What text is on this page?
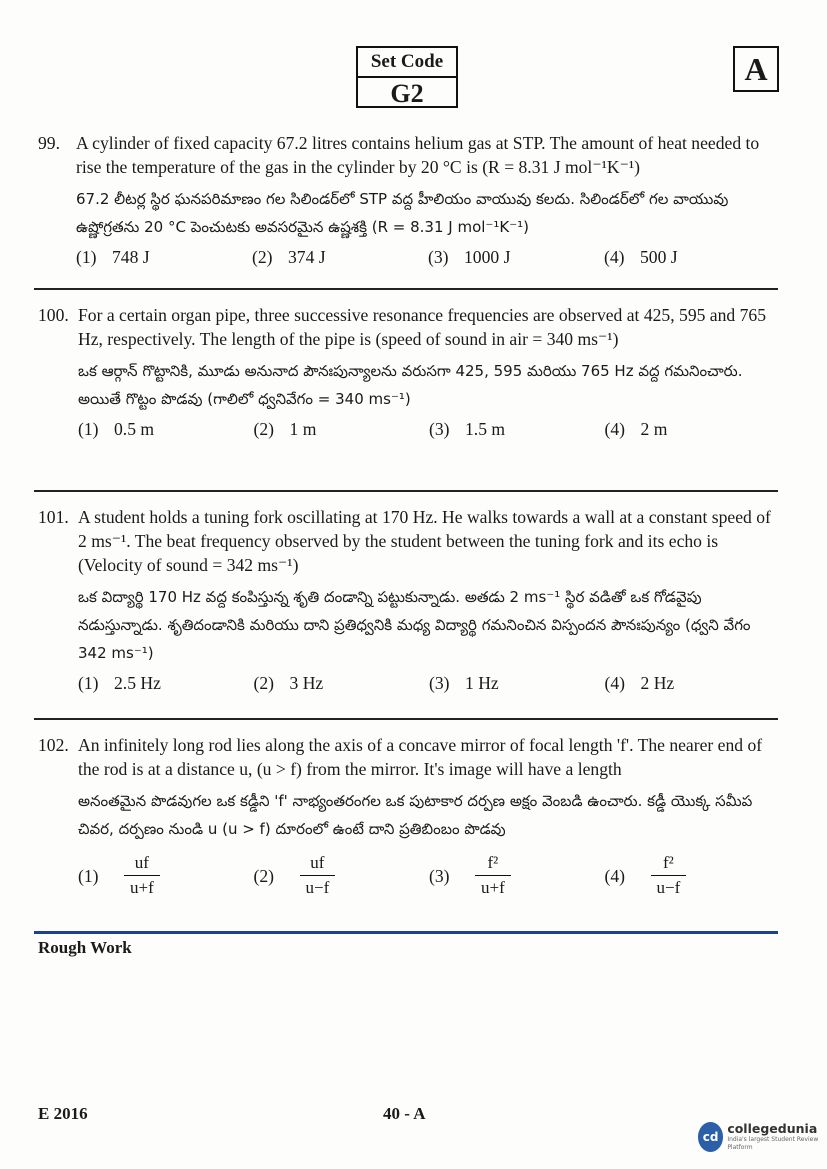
Set Code
G2
A
99. A cylinder of fixed capacity 67.2 litres contains helium gas at STP. The amount of heat needed to rise the temperature of the gas in the cylinder by 20 °C is (R = 8.31 J mol⁻¹K⁻¹)
67.2 లీటర్ల స్థిర ఘనపరిమాణం గల సిలిండర్‌లో STP వద్ద హీలియం వాయువు కలదు. సిలిండర్‌లో గల వాయువు ఉష్ణోగ్రతను 20 °C పెంచుటకు అవసరమైన ఉష్ణశక్తి (R = 8.31 J mol⁻¹K⁻¹)
(1) 748 J	(2) 374 J	(3) 1000 J	(4) 500 J
100. For a certain organ pipe, three successive resonance frequencies are observed at 425, 595 and 765 Hz, respectively. The length of the pipe is (speed of sound in air = 340 ms⁻¹)
ఒక ఆర్గాన్ గొట్టానికి, మూడు అనునాద పౌనఃపున్యాలను వరుసగా 425, 595 మరియు 765 Hz వద్ద గమనించారు. అయితే గొట్టం పొడవు (గాలిలో ధ్వనివేగం = 340 ms⁻¹)
(1) 0.5 m	(2) 1 m	(3) 1.5 m	(4) 2 m
101. A student holds a tuning fork oscillating at 170 Hz. He walks towards a wall at a constant speed of 2 ms⁻¹. The beat frequency observed by the student between the tuning fork and its echo is (Velocity of sound = 342 ms⁻¹)
ఒక విద్యార్థి 170 Hz వద్ద కంపిస్తున్న శృతి దండాన్ని పట్టుకున్నాడు. అతడు 2 ms⁻¹ స్థిర వడితో ఒక గోడవైపు నడుస్తున్నాడు. శృతిదండానికి మరియు దాని ప్రతిధ్వనికి మధ్య విద్యార్థి గమనించిన విస్పందన పౌనఃపున్యం (ధ్వని వేగం 342 ms⁻¹)
(1) 2.5 Hz	(2) 3 Hz	(3) 1 Hz	(4) 2 Hz
102. An infinitely long rod lies along the axis of a concave mirror of focal length 'f'. The nearer end of the rod is at a distance u, (u > f) from the mirror. It's image will have a length
అనంతమైన పొడవుగల ఒక కడ్డీని 'f' నాభ్యంతరంగల ఒక పుటాకార దర్పణ అక్షం వెంబడి ఉంచారు. కడ్డీ యొక్క సమీప చివర, దర్పణం నుండి u (u > f) దూరంలో ఉంటే దాని ప్రతిబింబం పొడవు
(1)	$\frac{uf}{u+f}$	(2)	$\frac{uf}{u-f}$	(3)	$\frac{\text{f²}}{u+f}$	(4)	$\frac{\text{f²}}{u-f}$
Rough Work
E 2016	40 - A
cd
collegedunia
India's largest Student Review Platform
